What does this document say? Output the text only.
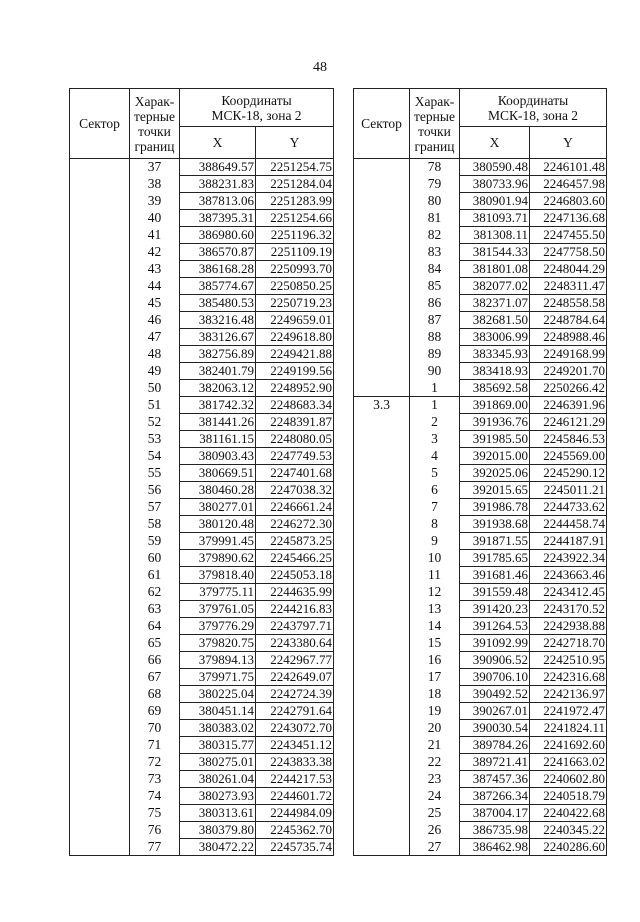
48
Сектор	Харак-
терные
точки
границ	Координаты
МСК-18, зона 2	
		X	Y
	37	388649.57	2251254.75
	38	388231.83	2251284.04
	39	387813.06	2251283.99
	40	387395.31	2251254.66
	41	386980.60	2251196.32
	42	386570.87	2251109.19
	43	386168.28	2250993.70
	44	385774.67	2250850.25
	45	385480.53	2250719.23
	46	383216.48	2249659.01
	47	383126.67	2249618.80
	48	382756.89	2249421.88
	49	382401.79	2249199.56
	50	382063.12	2248952.90
	51	381742.32	2248683.34
	52	381441.26	2248391.87
	53	381161.15	2248080.05
	54	380903.43	2247749.53
	55	380669.51	2247401.68
	56	380460.28	2247038.32
	57	380277.01	2246661.24
	58	380120.48	2246272.30
	59	379991.45	2245873.25
	60	379890.62	2245466.25
	61	379818.40	2245053.18
	62	379775.11	2244635.99
	63	379761.05	2244216.83
	64	379776.29	2243797.71
	65	379820.75	2243380.64
	66	379894.13	2242967.77
	67	379971.75	2242649.07
	68	380225.04	2242724.39
	69	380451.14	2242791.64
	70	380383.02	2243072.70
	71	380315.77	2243451.12
	72	380275.01	2243833.38
	73	380261.04	2244217.53
	74	380273.93	2244601.72
	75	380313.61	2244984.09
	76	380379.80	2245362.70
	77	380472.22	2245735.74
Сектор	Харак-
терные
точки
границ	Координаты
МСК-18, зона 2	
		X	Y
	78	380590.48	2246101.48
	79	380733.96	2246457.98
	80	380901.94	2246803.60
	81	381093.71	2247136.68
	82	381308.11	2247455.50
	83	381544.33	2247758.50
	84	381801.08	2248044.29
	85	382077.02	2248311.47
	86	382371.07	2248558.58
	87	382681.50	2248784.64
	88	383006.99	2248988.46
	89	383345.93	2249168.99
	90	383418.93	2249201.70
	1	385692.58	2250266.42
3.3	1	391869.00	2246391.96
	2	391936.76	2246121.29
	3	391985.50	2245846.53
	4	392015.00	2245569.00
	5	392025.06	2245290.12
	6	392015.65	2245011.21
	7	391986.78	2244733.62
	8	391938.68	2244458.74
	9	391871.55	2244187.91
	10	391785.65	2243922.34
	11	391681.46	2243663.46
	12	391559.48	2243412.45
	13	391420.23	2243170.52
	14	391264.53	2242938.88
	15	391092.99	2242718.70
	16	390906.52	2242510.95
	17	390706.10	2242316.68
	18	390492.52	2242136.97
	19	390267.01	2241972.47
	20	390030.54	2241824.11
	21	389784.26	2241692.60
	22	389721.41	2241663.02
	23	387457.36	2240602.80
	24	387266.34	2240518.79
	25	387004.17	2240422.68
	26	386735.98	2240345.22
	27	386462.98	2240286.60
